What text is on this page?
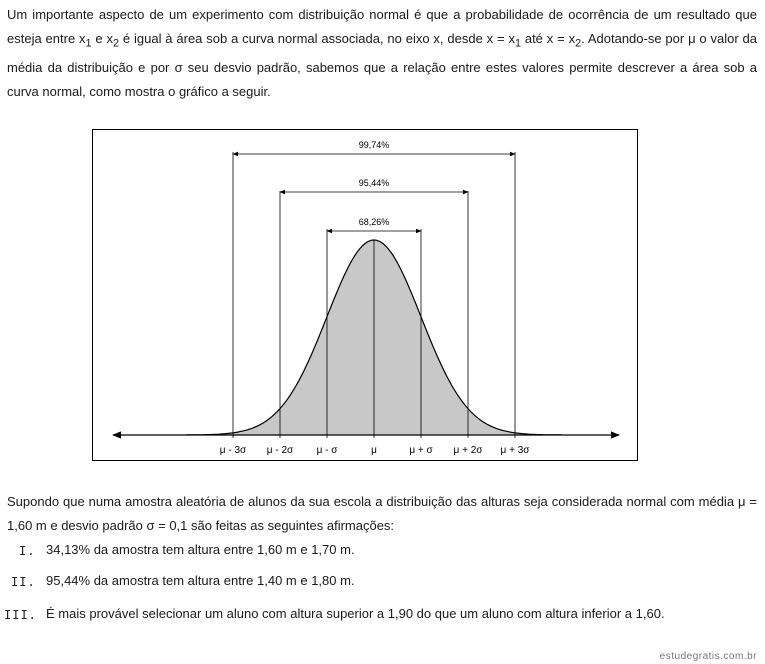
Um importante aspecto de um experimento com distribuição normal é que a probabilidade de ocorrência de um resultado que esteja entre $x_1$ e $x_2$ é igual à área sob a curva normal associada, no eixo x, desde $x = x_1$ até $x = x_2$. Adotando-se por μ o valor da média da distribuição e por σ seu desvio padrão, sabemos que a relação entre estes valores permite descrever a área sob a curva normal, como mostra o gráfico a seguir.

68,26%
95,44%
99,74%
μ - 3σ μ - 2σ μ - σ	μ	μ + σ μ + 2σ μ + 3σ

Supondo que numa amostra aleatória de alunos da sua escola a distribuição das alturas seja considerada normal com média μ = 1,60 m e desvio padrão σ = 0,1 são feitas as seguintes afirmações:

I. 34,13% da amostra tem altura entre 1,60 m e 1,70 m.
II. 95,44% da amostra tem altura entre 1,40 m e 1,80 m.
III. É mais provável selecionar um aluno com altura superior a 1,90 do que um aluno com altura inferior a 1,60.
estudegratis.com.br
